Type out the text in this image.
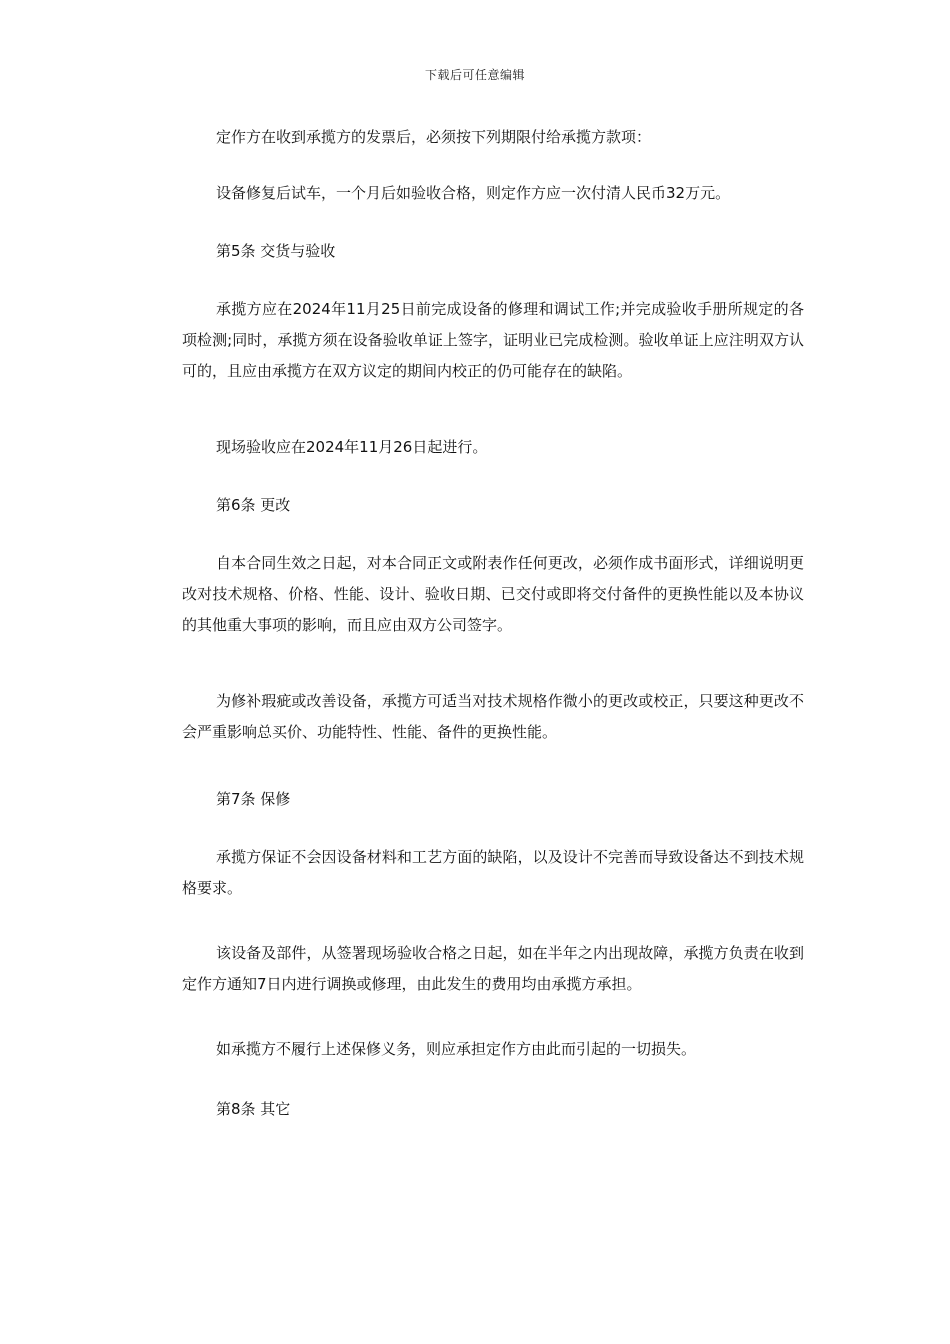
下载后可任意编辑

定作方在收到承揽方的发票后，必须按下列期限付给承揽方款项：

设备修复后试车，一个月后如验收合格，则定作方应一次付清人民币32万元。

第5条 交货与验收

承揽方应在2024年11月25日前完成设备的修理和调试工作;并完成验收手册所规定的各项检测;同时，承揽方须在设备验收单证上签字，证明业已完成检测。验收单证上应注明双方认可的，且应由承揽方在双方议定的期间内校正的仍可能存在的缺陷。

现场验收应在2024年11月26日起进行。

第6条 更改

自本合同生效之日起，对本合同正文或附表作任何更改，必须作成书面形式，详细说明更改对技术规格、价格、性能、设计、验收日期、已交付或即将交付备件的更换性能以及本协议的其他重大事项的影响，而且应由双方公司签字。

为修补瑕疵或改善设备，承揽方可适当对技术规格作微小的更改或校正，只要这种更改不会严重影响总买价、功能特性、性能、备件的更换性能。

第7条 保修

承揽方保证不会因设备材料和工艺方面的缺陷，以及设计不完善而导致设备达不到技术规格要求。

该设备及部件，从签署现场验收合格之日起，如在半年之内出现故障，承揽方负责在收到定作方通知7日内进行调换或修理，由此发生的费用均由承揽方承担。

如承揽方不履行上述保修义务，则应承担定作方由此而引起的一切损失。

第8条 其它
